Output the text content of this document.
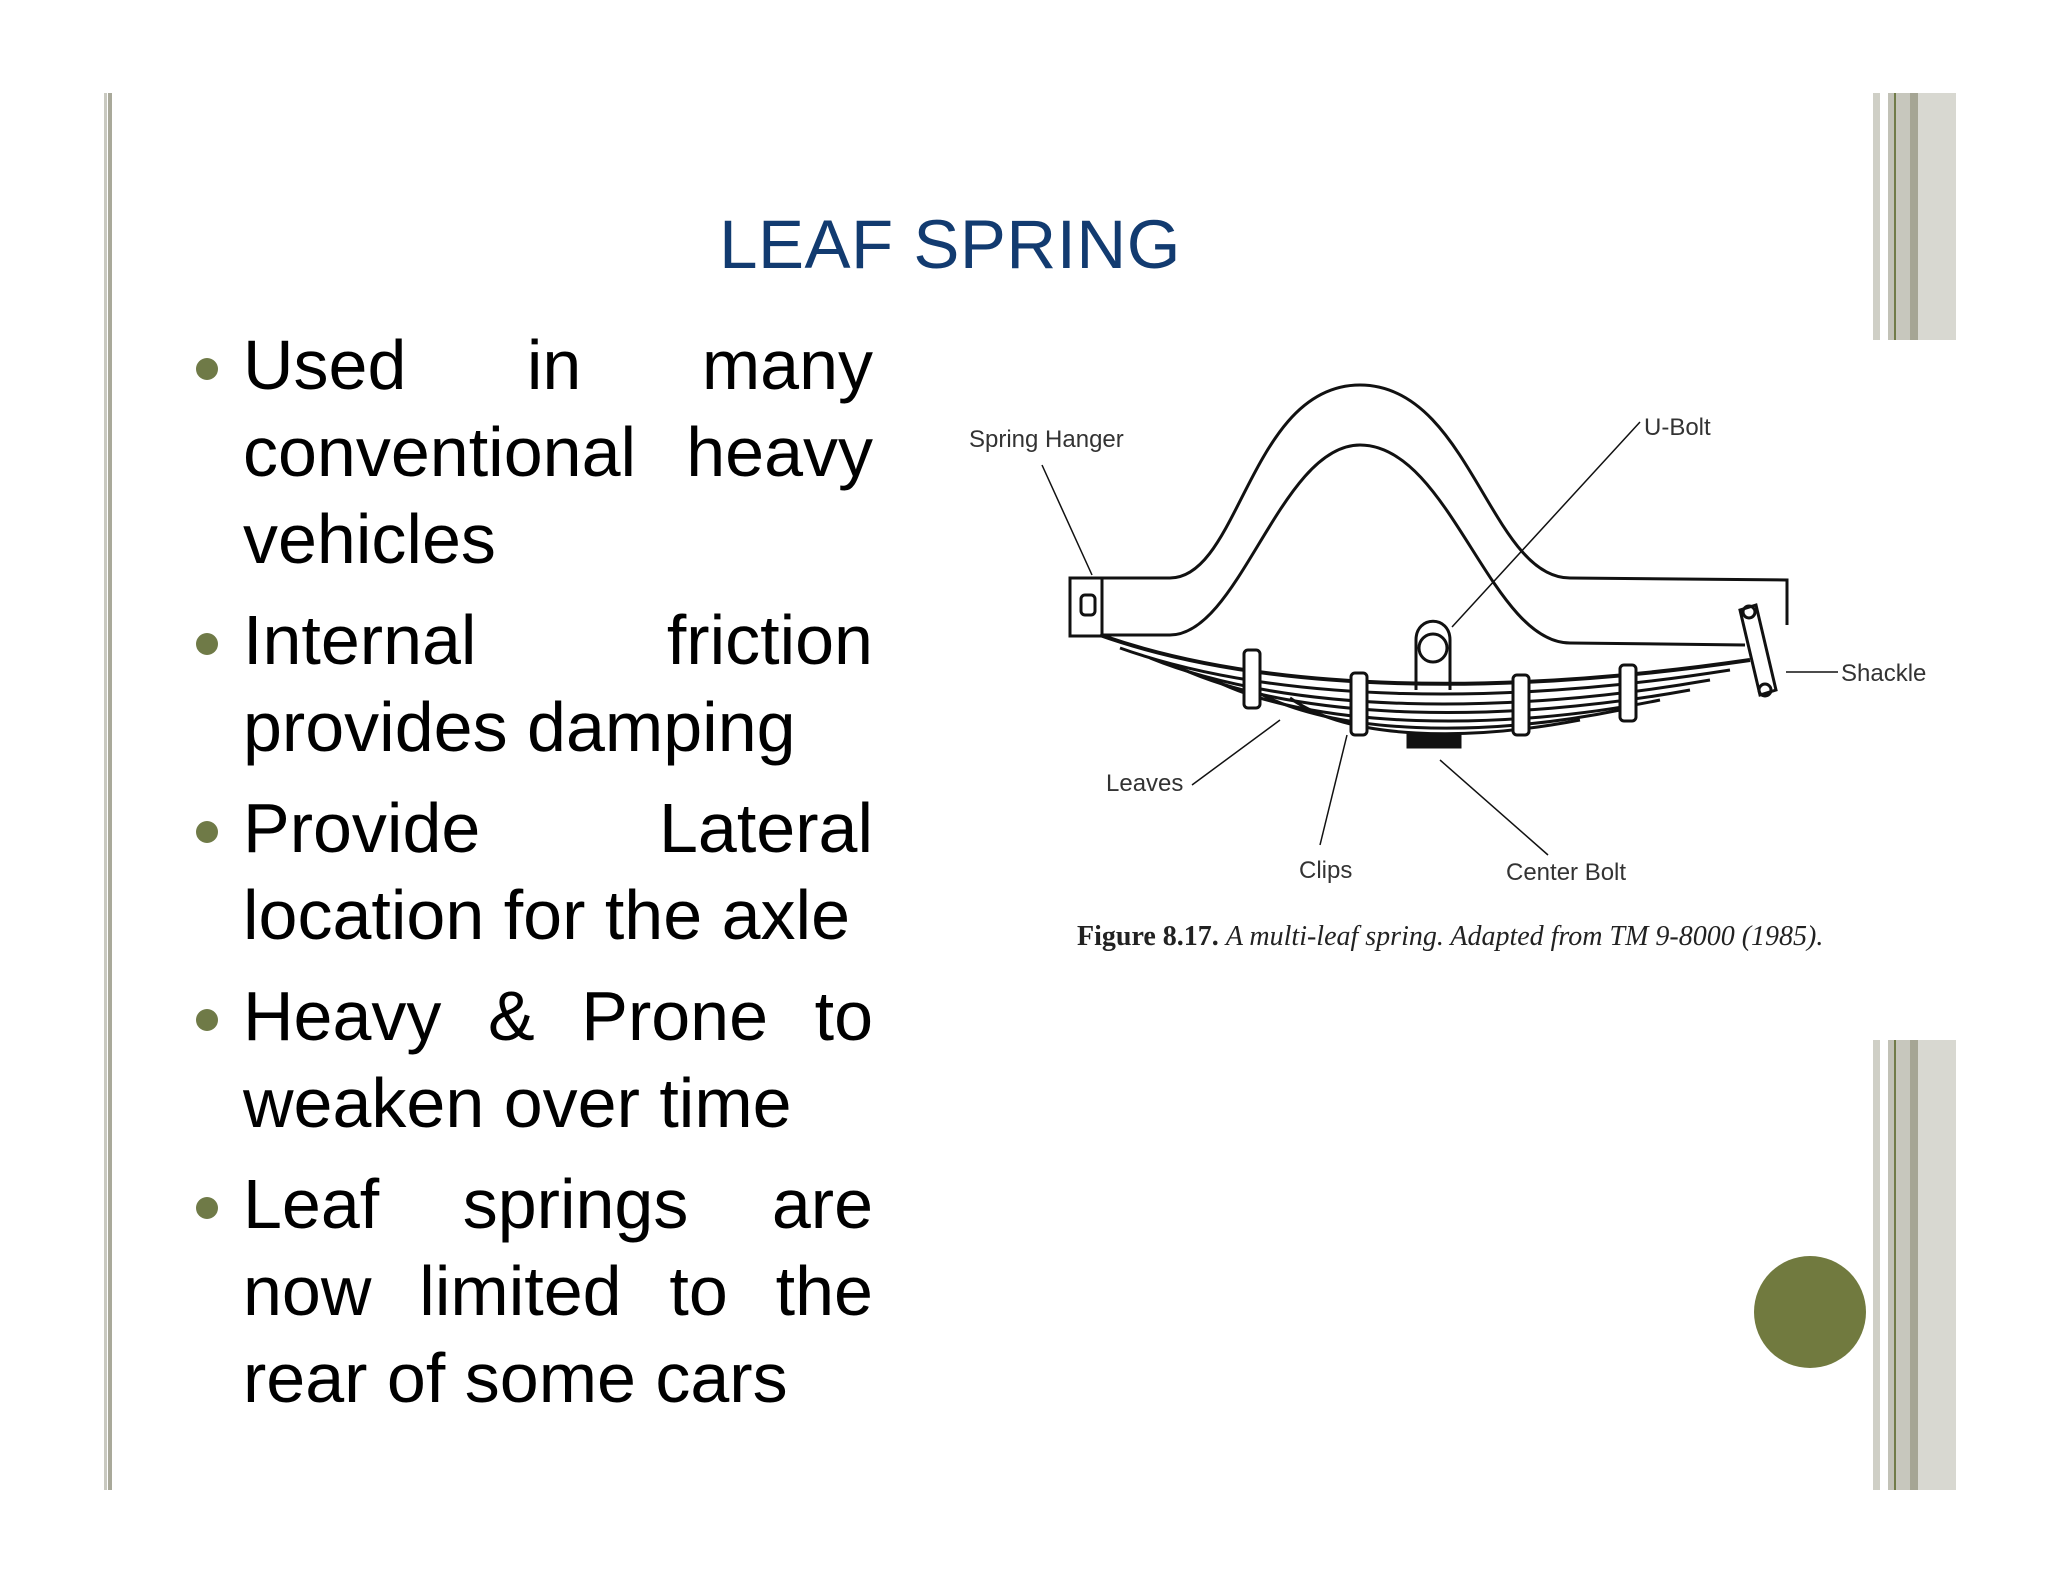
LEAF SPRING
Used in many conventional heavy vehicles
Internal friction provides damping
Provide Lateral location for the axle
Heavy & Prone to weaken over time
Leaf springs are now limited to the rear of some cars
Spring Hanger	U-Bolt
Shackle
Leaves
Clips	Center Bolt
Figure 8.17. A multi-leaf spring. Adapted from TM 9-8000 (1985).
